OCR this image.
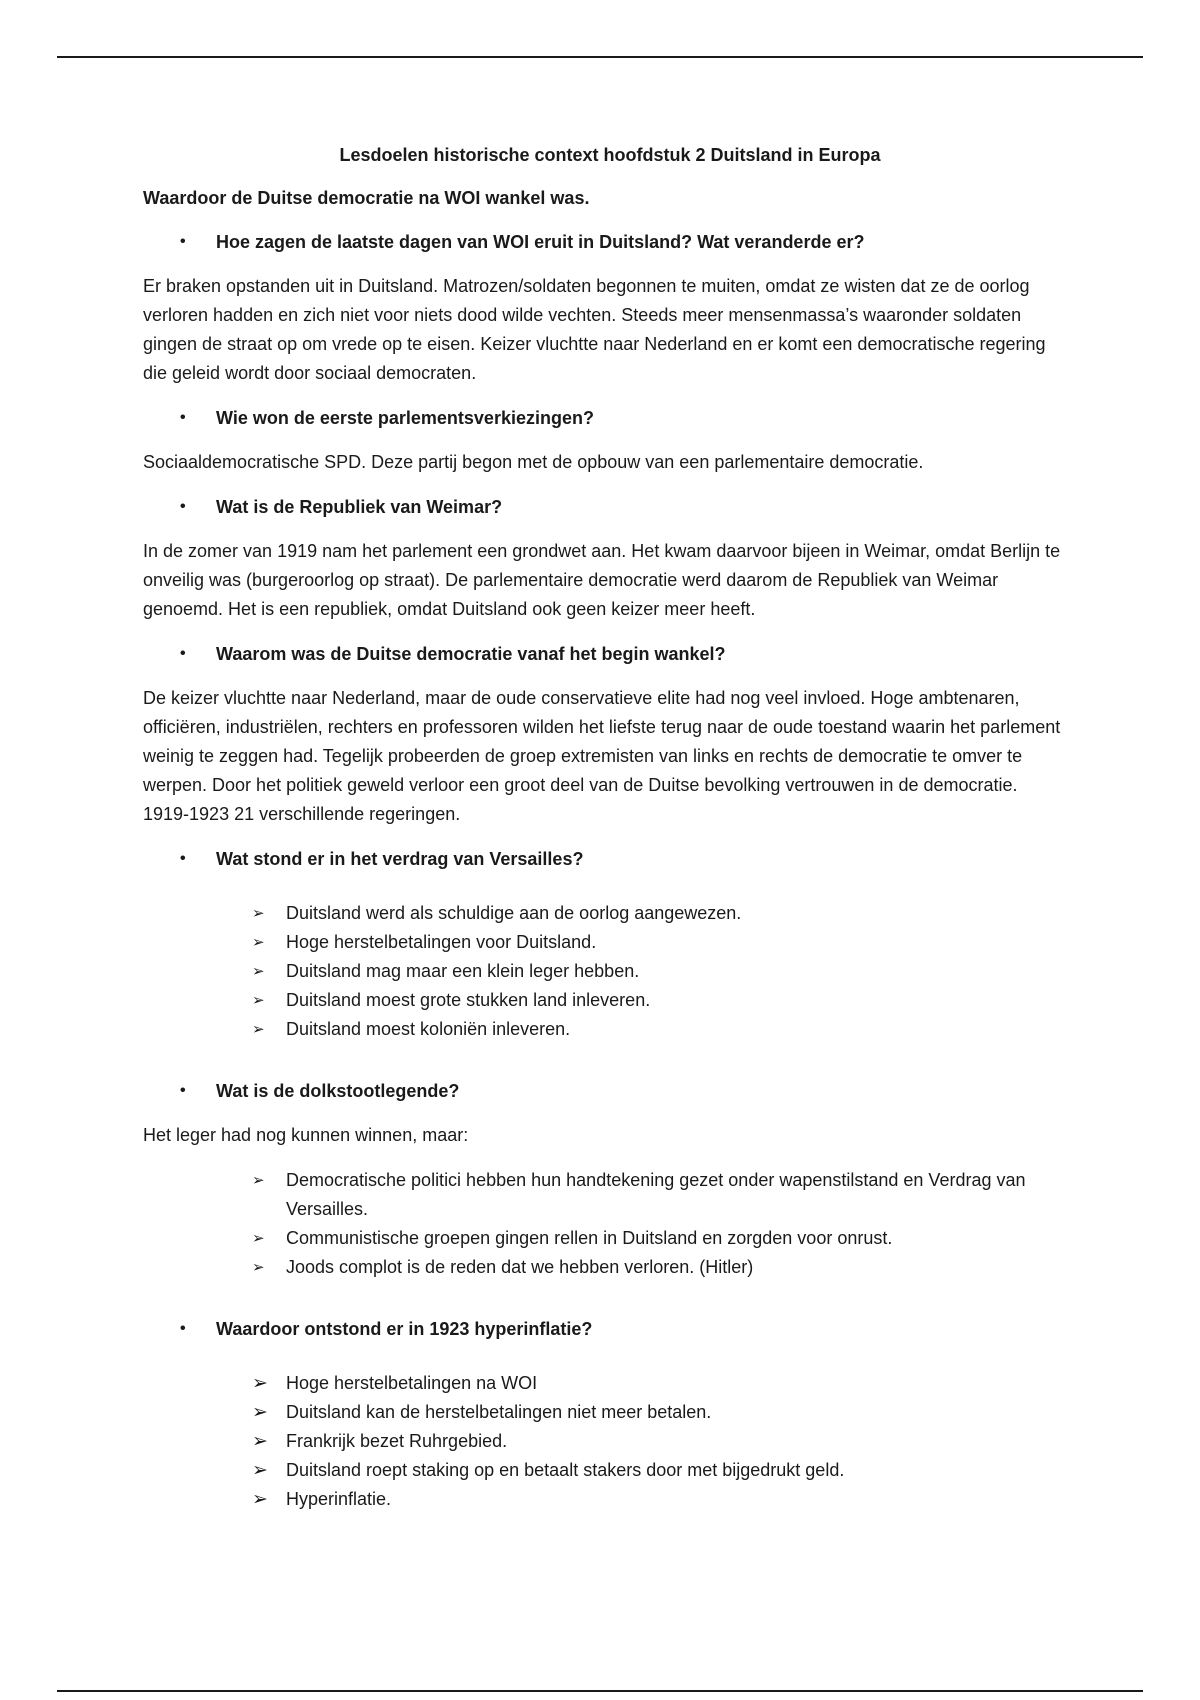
Lesdoelen historische context hoofdstuk 2 Duitsland in Europa

Waardoor de Duitse democratie na WOI wankel was.

• Hoe zagen de laatste dagen van WOI eruit in Duitsland? Wat veranderde er?

Er braken opstanden uit in Duitsland. Matrozen/soldaten begonnen te muiten, omdat ze wisten dat ze de oorlog verloren hadden en zich niet voor niets dood wilde vechten. Steeds meer mensenmassa’s waaronder soldaten gingen de straat op om vrede op te eisen. Keizer vluchtte naar Nederland en er komt een democratische regering die geleid wordt door sociaal democraten.

• Wie won de eerste parlementsverkiezingen?

Sociaaldemocratische SPD. Deze partij begon met de opbouw van een parlementaire democratie.

• Wat is de Republiek van Weimar?

In de zomer van 1919 nam het parlement een grondwet aan. Het kwam daarvoor bijeen in Weimar, omdat Berlijn te onveilig was (burgeroorlog op straat). De parlementaire democratie werd daarom de Republiek van Weimar genoemd. Het is een republiek, omdat Duitsland ook geen keizer meer heeft.

• Waarom was de Duitse democratie vanaf het begin wankel?

De keizer vluchtte naar Nederland, maar de oude conservatieve elite had nog veel invloed. Hoge ambtenaren, officiëren, industriëlen, rechters en professoren wilden het liefste terug naar de oude toestand waarin het parlement weinig te zeggen had. Tegelijk probeerden de groep extremisten van links en rechts de democratie te omver te werpen. Door het politiek geweld verloor een groot deel van de Duitse bevolking vertrouwen in de democratie. 1919-1923 21 verschillende regeringen.

• Wat stond er in het verdrag van Versailles?

➢ Duitsland werd als schuldige aan de oorlog aangewezen.
➢ Hoge herstelbetalingen voor Duitsland.
➢ Duitsland mag maar een klein leger hebben.
➢ Duitsland moest grote stukken land inleveren.
➢ Duitsland moest koloniën inleveren.

• Wat is de dolkstootlegende?

Het leger had nog kunnen winnen, maar:

➢ Democratische politici hebben hun handtekening gezet onder wapenstilstand en Verdrag van Versailles.
➢ Communistische groepen gingen rellen in Duitsland en zorgden voor onrust.
➢ Joods complot is de reden dat we hebben verloren. (Hitler)

• Waardoor ontstond er in 1923 hyperinflatie?

➢ Hoge herstelbetalingen na WOI
➢ Duitsland kan de herstelbetalingen niet meer betalen.
➢ Frankrijk bezet Ruhrgebied.
➢ Duitsland roept staking op en betaalt stakers door met bijgedrukt geld.
➢ Hyperinflatie.
